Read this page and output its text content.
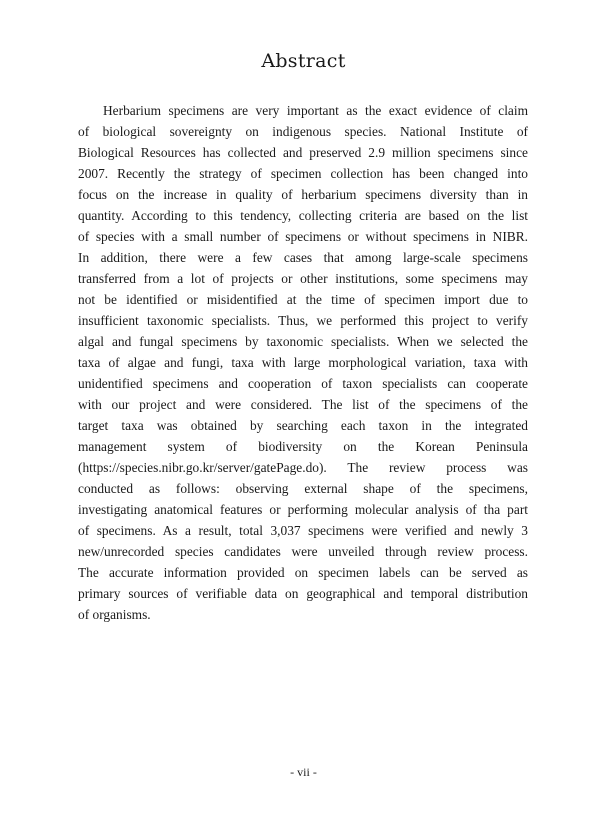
Abstract
Herbarium specimens are very important as the exact evidence of claim
of biological sovereignty on indigenous species. National Institute of
Biological Resources has collected and preserved 2.9 million specimens since
2007. Recently the strategy of specimen collection has been changed into
focus on the increase in quality of herbarium specimens diversity than in
quantity. According to this tendency, collecting criteria are based on the list
of species with a small number of specimens or without specimens in NIBR.
In addition, there were a few cases that among large-scale specimens
transferred from a lot of projects or other institutions, some specimens may
not be identified or misidentified at the time of specimen import due to
insufficient taxonomic specialists. Thus, we performed this project to verify
algal and fungal specimens by taxonomic specialists. When we selected the
taxa of algae and fungi, taxa with large morphological variation, taxa with
unidentified specimens and cooperation of taxon specialists can cooperate
with our project and were considered. The list of the specimens of the
target taxa was obtained by searching each taxon in the integrated
management system of biodiversity on the Korean Peninsula
(https://species.nibr.go.kr/server/gatePage.do). The review process was
conducted as follows: observing external shape of the specimens,
investigating anatomical features or performing molecular analysis of tha part
of specimens. As a result, total 3,037 specimens were verified and newly 3
new/unrecorded species candidates were unveiled through review process.
The accurate information provided on specimen labels can be served as
primary sources of verifiable data on geographical and temporal distribution
of organisms.

- vii -
